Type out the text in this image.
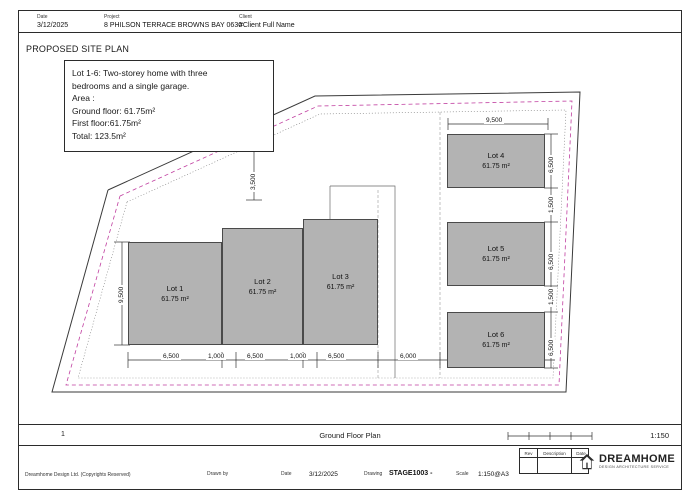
Date
3/12/2025
Project
8 PHILSON TERRACE BROWNS BAY 0630
Client
#Client Full Name
PROPOSED SITE PLAN
Lot 1-6: Two-storey home with three
bedrooms and a single garage.
Area :
Ground floor: 61.75m²
First floor:61.75m²
Total: 123.5m²
Lot 1
61.75 m²
Lot 2
61.75 m²
Lot 3
61.75 m²
Lot 4
61.75 m²
Lot 5
61.75 m²
Lot 6
61.75 m²
9,500
9,500
3,500
6,500
1,500
6,500
1,500
6,500
6,500	1,000	6,500	1,000	6,500	6,000
1	Ground Floor Plan	1:150
Dreamhome Design Ltd. (Copyrights Reserved)	Drawn by	Date	3/12/2025	Drawing STAGE1003 -	Scale 1:150@A3
Rev	Description	Date
DREAMHOME
DESIGN ARCHITECTURE SERVICE
